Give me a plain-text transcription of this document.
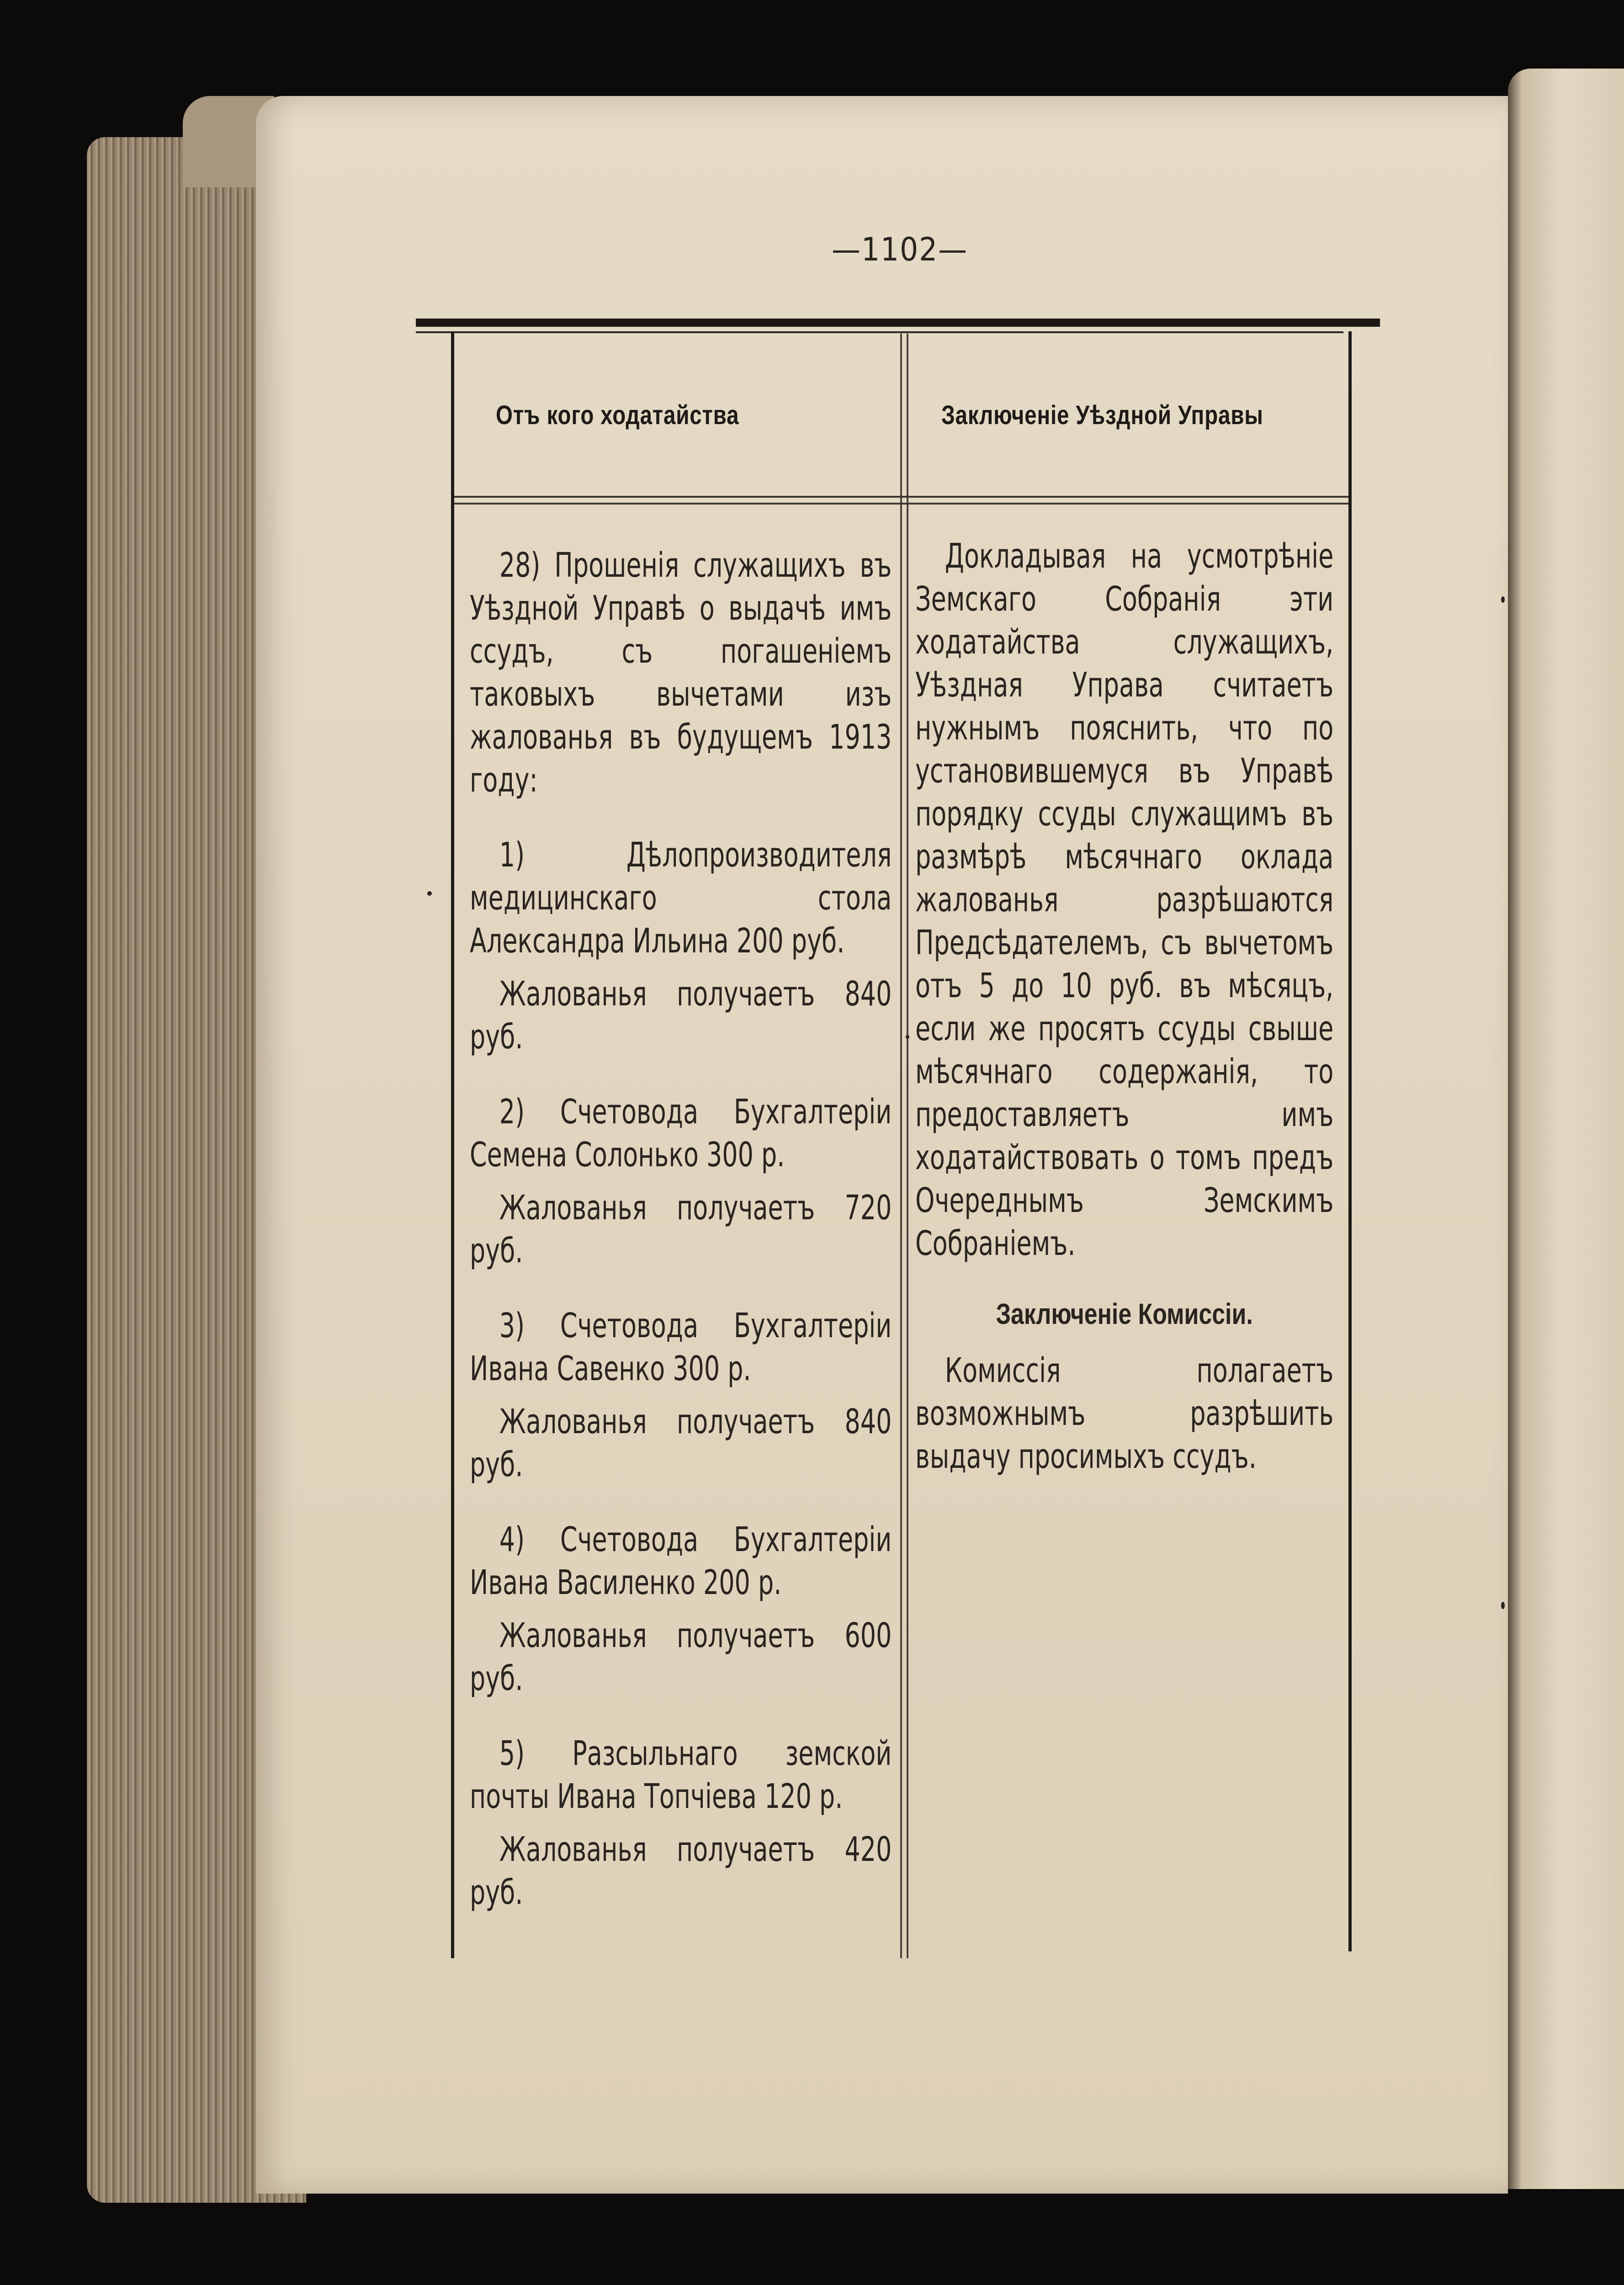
—1102—
Отъ кого ходатайства	Заключеніе Уѣздной Управы

28) Прошенія служащихъ въ Уѣздной Управѣ о выдачѣ имъ ссудъ, съ погашеніемъ таковыхъ вычетами изъ жалованья въ будущемъ 1913 году:

1) Дѣлопроизводителя медицинскаго стола Александра Ильина 200 руб.

Жалованья получаетъ 840 руб.

2) Счетовода Бухгалтеріи Семена Солонько 300 р.

Жалованья получаетъ 720 руб.

3) Счетовода Бухгалтеріи Ивана Савенко 300 р.

Жалованья получаетъ 840 руб.

4) Счетовода Бухгалтеріи Ивана Василенко 200 р.

Жалованья получаетъ 600 руб.

5) Разсыльнаго земской почты Ивана Топчіева 120 р.

Жалованья получаетъ 420 руб.

Докладывая на усмотрѣніе Земскаго Собранія эти ходатайства служащихъ, Уѣздная Управа считаетъ нужнымъ пояснить, что по установившемуся въ Управѣ порядку ссуды служащимъ въ размѣрѣ мѣсячнаго оклада жалованья разрѣшаются Предсѣдателемъ, съ вычетомъ отъ 5 до 10 руб. въ мѣсяцъ, если же просятъ ссуды свыше мѣсячнаго содержанія, то предоставляетъ имъ ходатайствовать о томъ предъ Очереднымъ Земскимъ Собраніемъ.

Заключеніе Комиссіи.

Комиссія полагаетъ возможнымъ разрѣшить выдачу просимыхъ ссудъ.
